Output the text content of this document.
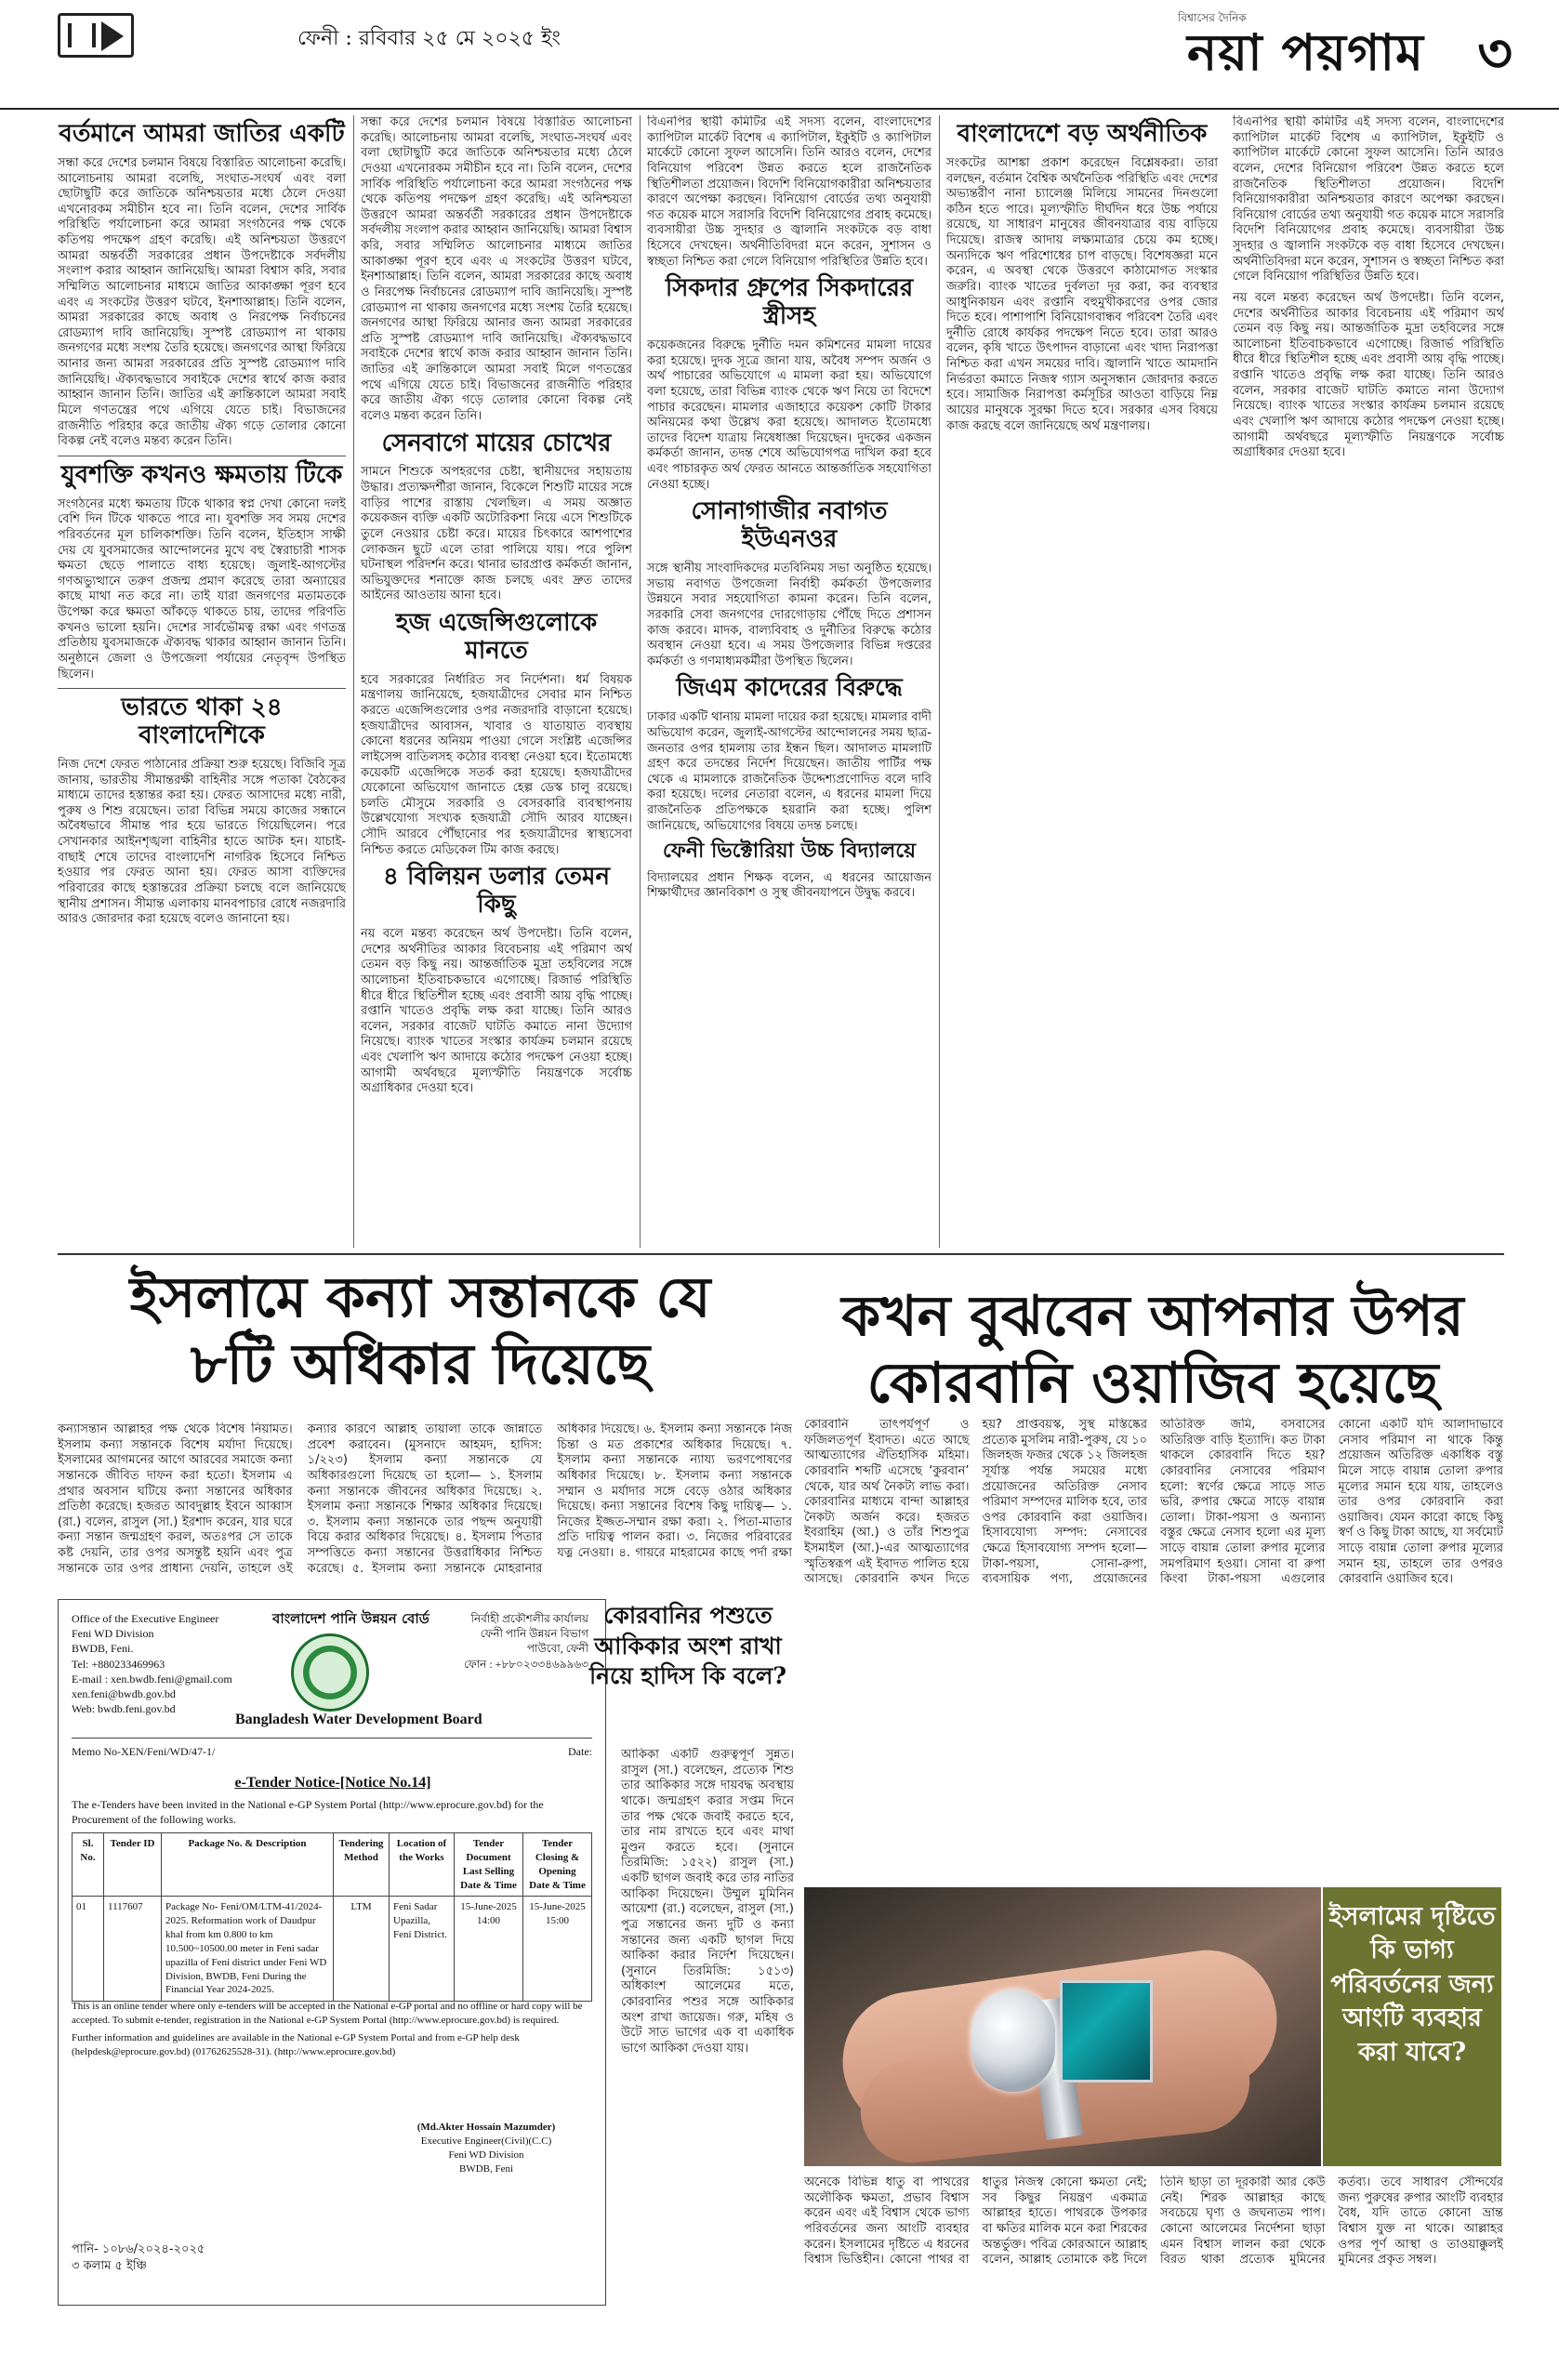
ফেনী : রবিবার ২৫ মে ২০২৫ ইং
বিশ্বাসের দৈনিক
নয়া পয়গাম ৩
বর্তমানে আমরা জাতির একটি

সন্ধা করে দেশের চলমান বিষয়ে বিস্তারিত আলোচনা করেছি। আলোচনায় আমরা বলেছি, সংঘাত-সংঘর্ষ এবং বলা ছোটাছুটি করে জাতিকে অনিশ্চয়তার মধ্যে ঠেলে দেওয়া এখনোরকম সমীচীন হবে না। তিনি বলেন, দেশের সার্বিক পরিস্থিতি পর্যালোচনা করে আমরা সংগঠনের পক্ষ থেকে কতিপয় পদক্ষেপ গ্রহণ করেছি। এই অনিশ্চয়তা উত্তরণে আমরা অন্তর্বর্তী সরকারের প্রধান উপদেষ্টাকে সর্বদলীয় সংলাপ করার আহ্বান জানিয়েছি। আমরা বিশ্বাস করি, সবার সম্মিলিত আলোচনার মাধ্যমে জাতির আকাঙ্ক্ষা পূরণ হবে এবং এ সংকটের উত্তরণ ঘটবে, ইনশাআল্লাহ। তিনি বলেন, আমরা সরকারের কাছে অবাধ ও নিরপেক্ষ নির্বাচনের রোডম্যাপ দাবি জানিয়েছি। সুস্পষ্ট রোডম্যাপ না থাকায় জনগণের মধ্যে সংশয় তৈরি হয়েছে। জনগণের আস্থা ফিরিয়ে আনার জন্য আমরা সরকারের প্রতি সুস্পষ্ট রোডম্যাপ দাবি জানিয়েছি। ঐক্যবদ্ধভাবে সবাইকে দেশের স্বার্থে কাজ করার আহ্বান জানান তিনি। জাতির এই ক্রান্তিকালে আমরা সবাই মিলে গণতন্ত্রের পথে এগিয়ে যেতে চাই। বিভাজনের রাজনীতি পরিহার করে জাতীয় ঐক্য গড়ে তোলার কোনো বিকল্প নেই বলেও মন্তব্য করেন তিনি।

যুবশক্তি কখনও ক্ষমতায় টিকে

সংগঠনের মধ্যে ক্ষমতায় টিকে থাকার স্বপ্ন দেখা কোনো দলই বেশি দিন টিকে থাকতে পারে না। যুবশক্তি সব সময় দেশের পরিবর্তনের মূল চালিকাশক্তি। তিনি বলেন, ইতিহাস সাক্ষী দেয় যে যুবসমাজের আন্দোলনের মুখে বহু স্বৈরাচারী শাসক ক্ষমতা ছেড়ে পালাতে বাধ্য হয়েছে। জুলাই-আগস্টের গণঅভ্যুত্থানে তরুণ প্রজন্ম প্রমাণ করেছে তারা অন্যায়ের কাছে মাথা নত করে না। তাই যারা জনগণের মতামতকে উপেক্ষা করে ক্ষমতা আঁকড়ে থাকতে চায়, তাদের পরিণতি কখনও ভালো হয়নি। দেশের সার্বভৌমত্ব রক্ষা এবং গণতন্ত্র প্রতিষ্ঠায় যুবসমাজকে ঐক্যবদ্ধ থাকার আহ্বান জানান তিনি। অনুষ্ঠানে জেলা ও উপজেলা পর্যায়ের নেতৃবৃন্দ উপস্থিত ছিলেন।

ভারতে থাকা ২৪ বাংলাদেশিকে

নিজ দেশে ফেরত পাঠানোর প্রক্রিয়া শুরু হয়েছে। বিজিবি সূত্র জানায়, ভারতীয় সীমান্তরক্ষী বাহিনীর সঙ্গে পতাকা বৈঠকের মাধ্যমে তাদের হস্তান্তর করা হয়। ফেরত আসাদের মধ্যে নারী, পুরুষ ও শিশু রয়েছেন। তারা বিভিন্ন সময়ে কাজের সন্ধানে অবৈধভাবে সীমান্ত পার হয়ে ভারতে গিয়েছিলেন। পরে সেখানকার আইনশৃঙ্খলা বাহিনীর হাতে আটক হন। যাচাই-বাছাই শেষে তাদের বাংলাদেশি নাগরিক হিসেবে নিশ্চিত হওয়ার পর ফেরত আনা হয়। ফেরত আসা ব্যক্তিদের পরিবারের কাছে হস্তান্তরের প্রক্রিয়া চলছে বলে জানিয়েছে স্থানীয় প্রশাসন। সীমান্ত এলাকায় মানবপাচার রোধে নজরদারি আরও জোরদার করা হয়েছে বলেও জানানো হয়।

সন্ধা করে দেশের চলমান বিষয়ে বিস্তারিত আলোচনা করেছি। আলোচনায় আমরা বলেছি, সংঘাত-সংঘর্ষ এবং বলা ছোটাছুটি করে জাতিকে অনিশ্চয়তার মধ্যে ঠেলে দেওয়া এখনোরকম সমীচীন হবে না। তিনি বলেন, দেশের সার্বিক পরিস্থিতি পর্যালোচনা করে আমরা সংগঠনের পক্ষ থেকে কতিপয় পদক্ষেপ গ্রহণ করেছি। এই অনিশ্চয়তা উত্তরণে আমরা অন্তর্বর্তী সরকারের প্রধান উপদেষ্টাকে সর্বদলীয় সংলাপ করার আহ্বান জানিয়েছি। আমরা বিশ্বাস করি, সবার সম্মিলিত আলোচনার মাধ্যমে জাতির আকাঙ্ক্ষা পূরণ হবে এবং এ সংকটের উত্তরণ ঘটবে, ইনশাআল্লাহ। তিনি বলেন, আমরা সরকারের কাছে অবাধ ও নিরপেক্ষ নির্বাচনের রোডম্যাপ দাবি জানিয়েছি। সুস্পষ্ট রোডম্যাপ না থাকায় জনগণের মধ্যে সংশয় তৈরি হয়েছে। জনগণের আস্থা ফিরিয়ে আনার জন্য আমরা সরকারের প্রতি সুস্পষ্ট রোডম্যাপ দাবি জানিয়েছি। ঐক্যবদ্ধভাবে সবাইকে দেশের স্বার্থে কাজ করার আহ্বান জানান তিনি। জাতির এই ক্রান্তিকালে আমরা সবাই মিলে গণতন্ত্রের পথে এগিয়ে যেতে চাই। বিভাজনের রাজনীতি পরিহার করে জাতীয় ঐক্য গড়ে তোলার কোনো বিকল্প নেই বলেও মন্তব্য করেন তিনি।

সেনবাগে মায়ের চোখের

সামনে শিশুকে অপহরণের চেষ্টা, স্থানীয়দের সহায়তায় উদ্ধার। প্রত্যক্ষদর্শীরা জানান, বিকেলে শিশুটি মায়ের সঙ্গে বাড়ির পাশের রাস্তায় খেলছিল। এ সময় অজ্ঞাত কয়েকজন ব্যক্তি একটি অটোরিকশা নিয়ে এসে শিশুটিকে তুলে নেওয়ার চেষ্টা করে। মায়ের চিৎকারে আশপাশের লোকজন ছুটে এলে তারা পালিয়ে যায়। পরে পুলিশ ঘটনাস্থল পরিদর্শন করে। থানার ভারপ্রাপ্ত কর্মকর্তা জানান, অভিযুক্তদের শনাক্তে কাজ চলছে এবং দ্রুত তাদের আইনের আওতায় আনা হবে।

হজ এজেন্সিগুলোকে মানতে

হবে সরকারের নির্ধারিত সব নির্দেশনা। ধর্ম বিষয়ক মন্ত্রণালয় জানিয়েছে, হজযাত্রীদের সেবার মান নিশ্চিত করতে এজেন্সিগুলোর ওপর নজরদারি বাড়ানো হয়েছে। হজযাত্রীদের আবাসন, খাবার ও যাতায়াত ব্যবস্থায় কোনো ধরনের অনিয়ম পাওয়া গেলে সংশ্লিষ্ট এজেন্সির লাইসেন্স বাতিলসহ কঠোর ব্যবস্থা নেওয়া হবে। ইতোমধ্যে কয়েকটি এজেন্সিকে সতর্ক করা হয়েছে। হজযাত্রীদের যেকোনো অভিযোগ জানাতে হেল্প ডেস্ক চালু রয়েছে। চলতি মৌসুমে সরকারি ও বেসরকারি ব্যবস্থাপনায় উল্লেখযোগ্য সংখ্যক হজযাত্রী সৌদি আরব যাচ্ছেন। সৌদি আরবে পৌঁছানোর পর হজযাত্রীদের স্বাস্থ্যসেবা নিশ্চিত করতে মেডিকেল টিম কাজ করছে।

৪ বিলিয়ন ডলার তেমন কিছু

নয় বলে মন্তব্য করেছেন অর্থ উপদেষ্টা। তিনি বলেন, দেশের অর্থনীতির আকার বিবেচনায় এই পরিমাণ অর্থ তেমন বড় কিছু নয়। আন্তর্জাতিক মুদ্রা তহবিলের সঙ্গে আলোচনা ইতিবাচকভাবে এগোচ্ছে। রিজার্ভ পরিস্থিতি ধীরে ধীরে স্থিতিশীল হচ্ছে এবং প্রবাসী আয় বৃদ্ধি পাচ্ছে। রপ্তানি খাতেও প্রবৃদ্ধি লক্ষ করা যাচ্ছে। তিনি আরও বলেন, সরকার বাজেট ঘাটতি কমাতে নানা উদ্যোগ নিয়েছে। ব্যাংক খাতের সংস্কার কার্যক্রম চলমান রয়েছে এবং খেলাপি ঋণ আদায়ে কঠোর পদক্ষেপ নেওয়া হচ্ছে। আগামী অর্থবছরে মূল্যস্ফীতি নিয়ন্ত্রণকে সর্বোচ্চ অগ্রাধিকার দেওয়া হবে।

বিএনপির স্থায়ী কমিটির এই সদস্য বলেন, বাংলাদেশের ক্যাপিটাল মার্কেট বিশেষ এ ক্যাপিটাল, ইকুইটি ও ক্যাপিটাল মার্কেটে কোনো সুফল আসেনি। তিনি আরও বলেন, দেশের বিনিয়োগ পরিবেশ উন্নত করতে হলে রাজনৈতিক স্থিতিশীলতা প্রয়োজন। বিদেশি বিনিয়োগকারীরা অনিশ্চয়তার কারণে অপেক্ষা করছেন। বিনিয়োগ বোর্ডের তথ্য অনুযায়ী গত কয়েক মাসে সরাসরি বিদেশি বিনিয়োগের প্রবাহ কমেছে। ব্যবসায়ীরা উচ্চ সুদহার ও জ্বালানি সংকটকে বড় বাধা হিসেবে দেখছেন। অর্থনীতিবিদরা মনে করেন, সুশাসন ও স্বচ্ছতা নিশ্চিত করা গেলে বিনিয়োগ পরিস্থিতির উন্নতি হবে।

সিকদার গ্রুপের সিকদারের স্ত্রীসহ

কয়েকজনের বিরুদ্ধে দুর্নীতি দমন কমিশনের মামলা দায়ের করা হয়েছে। দুদক সূত্রে জানা যায়, অবৈধ সম্পদ অর্জন ও অর্থ পাচারের অভিযোগে এ মামলা করা হয়। অভিযোগে বলা হয়েছে, তারা বিভিন্ন ব্যাংক থেকে ঋণ নিয়ে তা বিদেশে পাচার করেছেন। মামলার এজাহারে কয়েকশ কোটি টাকার অনিয়মের কথা উল্লেখ করা হয়েছে। আদালত ইতোমধ্যে তাদের বিদেশ যাত্রায় নিষেধাজ্ঞা দিয়েছেন। দুদকের একজন কর্মকর্তা জানান, তদন্ত শেষে অভিযোগপত্র দাখিল করা হবে এবং পাচারকৃত অর্থ ফেরত আনতে আন্তর্জাতিক সহযোগিতা নেওয়া হচ্ছে।

সোনাগাজীর নবাগত ইউএনওর

সঙ্গে স্থানীয় সাংবাদিকদের মতবিনিময় সভা অনুষ্ঠিত হয়েছে। সভায় নবাগত উপজেলা নির্বাহী কর্মকর্তা উপজেলার উন্নয়নে সবার সহযোগিতা কামনা করেন। তিনি বলেন, সরকারি সেবা জনগণের দোরগোড়ায় পৌঁছে দিতে প্রশাসন কাজ করবে। মাদক, বাল্যবিবাহ ও দুর্নীতির বিরুদ্ধে কঠোর অবস্থান নেওয়া হবে। এ সময় উপজেলার বিভিন্ন দপ্তরের কর্মকর্তা ও গণমাধ্যমকর্মীরা উপস্থিত ছিলেন।

জিএম কাদেরের বিরুদ্ধে

ঢাকার একটি থানায় মামলা দায়ের করা হয়েছে। মামলার বাদী অভিযোগ করেন, জুলাই-আগস্টের আন্দোলনের সময় ছাত্র-জনতার ওপর হামলায় তার ইন্ধন ছিল। আদালত মামলাটি গ্রহণ করে তদন্তের নির্দেশ দিয়েছেন। জাতীয় পার্টির পক্ষ থেকে এ মামলাকে রাজনৈতিক উদ্দেশ্যপ্রণোদিত বলে দাবি করা হয়েছে। দলের নেতারা বলেন, এ ধরনের মামলা দিয়ে রাজনৈতিক প্রতিপক্ষকে হয়রানি করা হচ্ছে। পুলিশ জানিয়েছে, অভিযোগের বিষয়ে তদন্ত চলছে।

ফেনী ভিক্টোরিয়া উচ্চ বিদ্যালয়ে

বিদ্যালয়ের প্রধান শিক্ষক বলেন, এ ধরনের আয়োজন শিক্ষার্থীদের জ্ঞানবিকাশ ও সুস্থ জীবনযাপনে উদ্বুদ্ধ করবে।

বাংলাদেশে বড় অর্থনীতিক

সংকটের আশঙ্কা প্রকাশ করেছেন বিশ্লেষকরা। তারা বলছেন, বর্তমান বৈশ্বিক অর্থনৈতিক পরিস্থিতি এবং দেশের অভ্যন্তরীণ নানা চ্যালেঞ্জ মিলিয়ে সামনের দিনগুলো কঠিন হতে পারে। মূল্যস্ফীতি দীর্ঘদিন ধরে উচ্চ পর্যায়ে রয়েছে, যা সাধারণ মানুষের জীবনযাত্রার ব্যয় বাড়িয়ে দিয়েছে। রাজস্ব আদায় লক্ষ্যমাত্রার চেয়ে কম হচ্ছে। অন্যদিকে ঋণ পরিশোধের চাপ বাড়ছে। বিশেষজ্ঞরা মনে করেন, এ অবস্থা থেকে উত্তরণে কাঠামোগত সংস্কার জরুরি। ব্যাংক খাতের দুর্বলতা দূর করা, কর ব্যবস্থার আধুনিকায়ন এবং রপ্তানি বহুমুখীকরণের ওপর জোর দিতে হবে। পাশাপাশি বিনিয়োগবান্ধব পরিবেশ তৈরি এবং দুর্নীতি রোধে কার্যকর পদক্ষেপ নিতে হবে। তারা আরও বলেন, কৃষি খাতে উৎপাদন বাড়ানো এবং খাদ্য নিরাপত্তা নিশ্চিত করা এখন সময়ের দাবি। জ্বালানি খাতে আমদানি নির্ভরতা কমাতে নিজস্ব গ্যাস অনুসন্ধান জোরদার করতে হবে। সামাজিক নিরাপত্তা কর্মসূচির আওতা বাড়িয়ে নিম্ন আয়ের মানুষকে সুরক্ষা দিতে হবে। সরকার এসব বিষয়ে কাজ করছে বলে জানিয়েছে অর্থ মন্ত্রণালয়।

বিএনপির স্থায়ী কমিটির এই সদস্য বলেন, বাংলাদেশের ক্যাপিটাল মার্কেট বিশেষ এ ক্যাপিটাল, ইকুইটি ও ক্যাপিটাল মার্কেটে কোনো সুফল আসেনি। তিনি আরও বলেন, দেশের বিনিয়োগ পরিবেশ উন্নত করতে হলে রাজনৈতিক স্থিতিশীলতা প্রয়োজন। বিদেশি বিনিয়োগকারীরা অনিশ্চয়তার কারণে অপেক্ষা করছেন। বিনিয়োগ বোর্ডের তথ্য অনুযায়ী গত কয়েক মাসে সরাসরি বিদেশি বিনিয়োগের প্রবাহ কমেছে। ব্যবসায়ীরা উচ্চ সুদহার ও জ্বালানি সংকটকে বড় বাধা হিসেবে দেখছেন। অর্থনীতিবিদরা মনে করেন, সুশাসন ও স্বচ্ছতা নিশ্চিত করা গেলে বিনিয়োগ পরিস্থিতির উন্নতি হবে।

নয় বলে মন্তব্য করেছেন অর্থ উপদেষ্টা। তিনি বলেন, দেশের অর্থনীতির আকার বিবেচনায় এই পরিমাণ অর্থ তেমন বড় কিছু নয়। আন্তর্জাতিক মুদ্রা তহবিলের সঙ্গে আলোচনা ইতিবাচকভাবে এগোচ্ছে। রিজার্ভ পরিস্থিতি ধীরে ধীরে স্থিতিশীল হচ্ছে এবং প্রবাসী আয় বৃদ্ধি পাচ্ছে। রপ্তানি খাতেও প্রবৃদ্ধি লক্ষ করা যাচ্ছে। তিনি আরও বলেন, সরকার বাজেট ঘাটতি কমাতে নানা উদ্যোগ নিয়েছে। ব্যাংক খাতের সংস্কার কার্যক্রম চলমান রয়েছে এবং খেলাপি ঋণ আদায়ে কঠোর পদক্ষেপ নেওয়া হচ্ছে। আগামী অর্থবছরে মূল্যস্ফীতি নিয়ন্ত্রণকে সর্বোচ্চ অগ্রাধিকার দেওয়া হবে।

ইসলামে কন্যা সন্তানকে যে
৮টি অধিকার দিয়েছে
কখন বুঝবেন আপনার উপর
কোরবানি ওয়াজিব হয়েছে

কন্যাসন্তান আল্লাহর পক্ষ থেকে বিশেষ নিয়ামত। ইসলাম কন্যা সন্তানকে বিশেষ মর্যাদা দিয়েছে। ইসলামের আগমনের আগে আরবের সমাজে কন্যা সন্তানকে জীবিত দাফন করা হতো। ইসলাম এ প্রথার অবসান ঘটিয়ে কন্যা সন্তানের অধিকার প্রতিষ্ঠা করেছে। হজরত আবদুল্লাহ ইবনে আব্বাস (রা.) বলেন, রাসুল (সা.) ইরশাদ করেন, যার ঘরে কন্যা সন্তান জন্মগ্রহণ করল, অতঃপর সে তাকে কষ্ট দেয়নি, তার ওপর অসন্তুষ্ট হয়নি এবং পুত্র সন্তানকে তার ওপর প্রাধান্য দেয়নি, তাহলে ওই কন্যার কারণে আল্লাহ তায়ালা তাকে জান্নাতে প্রবেশ করাবেন। (মুসনাদে আহমদ, হাদিস: ১/২২৩) ইসলাম কন্যা সন্তানকে যে অধিকারগুলো দিয়েছে তা হলো— ১. ইসলাম কন্যা সন্তানকে জীবনের অধিকার দিয়েছে। ২. ইসলাম কন্যা সন্তানকে শিক্ষার অধিকার দিয়েছে। ৩. ইসলাম কন্যা সন্তানকে তার পছন্দ অনুযায়ী বিয়ে করার অধিকার দিয়েছে। ৪. ইসলাম পিতার সম্পত্তিতে কন্যা সন্তানের উত্তরাধিকার নিশ্চিত করেছে। ৫. ইসলাম কন্যা সন্তানকে মোহরানার অধিকার দিয়েছে। ৬. ইসলাম কন্যা সন্তানকে নিজ চিন্তা ও মত প্রকাশের অধিকার দিয়েছে। ৭. ইসলাম কন্যা সন্তানকে ন্যায্য ভরণপোষণের অধিকার দিয়েছে। ৮. ইসলাম কন্যা সন্তানকে সম্মান ও মর্যাদার সঙ্গে বেড়ে ওঠার অধিকার দিয়েছে। কন্যা সন্তানের বিশেষ কিছু দায়িত্ব— ১. নিজের ইজ্জত-সম্মান রক্ষা করা। ২. পিতা-মাতার প্রতি দায়িত্ব পালন করা। ৩. নিজের পরিবারের যত্ন নেওয়া। ৪. গায়রে মাহরামের কাছে পর্দা রক্ষা

Office of the Executive Engineer
Feni WD Division
BWDB, Feni.
Tel: +880233469963
E-mail : xen.bwdb.feni@gmail.com
xen.feni@bwdb.gov.bd
Web: bwdb.feni.gov.bd
বাংলাদেশ পানি উন্নয়ন বোর্ড	নির্বাহী প্রকৌশলীর কার্যালয়
ফেনী পানি উন্নয়ন বিভাগ
পাউবো, ফেনী
ফোন : +৮৮০২৩৩৪৬৯৯৬৩
Bangladesh Water Development Board
Memo No-XEN/Feni/WD/47-1/	Date:
e-Tender Notice-[Notice No.14]
The e-Tenders have been invited in the National e-GP System Portal (http://www.eprocure.gov.bd) for the Procurement of the following works.
Sl. No.	Tender ID	Package No. & Description	Tendering Method	Location of the Works	Tender Document Last Selling Date & Time	Tender Closing & Opening Date & Time
01	1117607	Package No- Feni/OM/LTM-41/2024-2025. Reformation work of Daudpur khal from km 0.800 to km 10.500~10500.00 meter in Feni sadar upazilla of Feni district under Feni WD Division, BWDB, Feni During the Financial Year 2024-2025.	LTM	Feni Sadar Upazilla, Feni District.	15-June-2025 14:00	15-June-2025 15:00

This is an online tender where only e-tenders will be accepted in the National e-GP portal and no offline or hard copy will be accepted. To submit e-tender, registration in the National e-GP System Portal (http://www.eprocure.gov.bd) is required.

Further information and guidelines are available in the National e-GP System Portal and from e-GP help desk (helpdesk@eprocure.gov.bd) (01762625528-31). (http://www.eprocure.gov.bd)

(Md.Akter Hossain Mazumder)
Executive Engineer(Civil)(C.C)
Feni WD Division
BWDB, Feni
পানি- ১০৮৬/২০২৪-২০২৫
৩ কলাম ৫ ইঞ্চি
কোরবানির পশুতে আকিকার অংশ রাখা নিয়ে হাদিস কি বলে?

আকিকা একটি গুরুত্বপূর্ণ সুন্নত। রাসুল (সা.) বলেছেন, প্রত্যেক শিশু তার আকিকার সঙ্গে দায়বদ্ধ অবস্থায় থাকে। জন্মগ্রহণ করার সপ্তম দিনে তার পক্ষ থেকে জবাই করতে হবে, তার নাম রাখতে হবে এবং মাথা মুণ্ডন করতে হবে। (সুনানে তিরমিজি: ১৫২২) রাসুল (সা.) একটি ছাগল জবাই করে তার নাতির আকিকা দিয়েছেন। উম্মুল মুমিনিন আয়েশা (রা.) বলেছেন, রাসুল (সা.) পুত্র সন্তানের জন্য দুটি ও কন্যা সন্তানের জন্য একটি ছাগল দিয়ে আকিকা করার নির্দেশ দিয়েছেন। (সুনানে তিরমিজি: ১৫১৩) অধিকাংশ আলেমের মতে, কোরবানির পশুর সঙ্গে আকিকার অংশ রাখা জায়েজ। গরু, মহিষ ও উটে সাত ভাগের এক বা একাধিক ভাগে আকিকা দেওয়া যায়।

কোরবানি তাৎপর্যপূর্ণ ও ফজিলতপূর্ণ ইবাদত। এতে আছে আত্মত্যাগের ঐতিহাসিক মহিমা। কোরবানি শব্দটি এসেছে ‘কুরবান’ থেকে, যার অর্থ নৈকট্য লাভ করা। কোরবানির মাধ্যমে বান্দা আল্লাহর নৈকট্য অর্জন করে। হজরত ইবরাহিম (আ.) ও তাঁর শিশুপুত্র ইসমাইল (আ.)-এর আত্মত্যাগের স্মৃতিস্বরূপ এই ইবাদত পালিত হয়ে আসছে। কোরবানি কখন দিতে হয়? প্রাপ্তবয়স্ক, সুস্থ মস্তিষ্কের প্রত্যেক মুসলিম নারী-পুরুষ, যে ১০ জিলহজ ফজর থেকে ১২ জিলহজ সূর্যাস্ত পর্যন্ত সময়ের মধ্যে প্রয়োজনের অতিরিক্ত নেসাব পরিমাণ সম্পদের মালিক হবে, তার ওপর কোরবানি করা ওয়াজিব। হিসাবযোগ্য সম্পদ: নেসাবের ক্ষেত্রে হিসাবযোগ্য সম্পদ হলো—টাকা-পয়সা, সোনা-রুপা, ব্যবসায়িক পণ্য, প্রয়োজনের অতিরিক্ত জমি, বসবাসের অতিরিক্ত বাড়ি ইত্যাদি। কত টাকা থাকলে কোরবানি দিতে হয়? কোরবানির নেসাবের পরিমাণ হলো: স্বর্ণের ক্ষেত্রে সাড়ে সাত ভরি, রুপার ক্ষেত্রে সাড়ে বায়ান্ন তোলা। টাকা-পয়সা ও অন্যান্য বস্তুর ক্ষেত্রে নেসাব হলো এর মূল্য সাড়ে বায়ান্ন তোলা রুপার মূল্যের সমপরিমাণ হওয়া। সোনা বা রুপা কিংবা টাকা-পয়সা এগুলোর কোনো একটি যদি আলাদাভাবে নেসাব পরিমাণ না থাকে কিন্তু প্রয়োজন অতিরিক্ত একাধিক বস্তু মিলে সাড়ে বায়ান্ন তোলা রুপার মূল্যের সমান হয়ে যায়, তাহলেও তার ওপর কোরবানি করা ওয়াজিব। যেমন কারো কাছে কিছু স্বর্ণ ও কিছু টাকা আছে, যা সর্বমোট সাড়ে বায়ান্ন তোলা রুপার মূল্যের সমান হয়, তাহলে তার ওপরও কোরবানি ওয়াজিব হবে।

ইসলামের দৃষ্টিতে কি ভাগ্য পরিবর্তনের জন্য আংটি ব্যবহার করা যাবে?

অনেকে বিভিন্ন ধাতু বা পাথরের অলৌকিক ক্ষমতা, প্রভাব বিশ্বাস করেন এবং এই বিশ্বাস থেকে ভাগ্য পরিবর্তনের জন্য আংটি ব্যবহার করেন। ইসলামের দৃষ্টিতে এ ধরনের বিশ্বাস ভিত্তিহীন। কোনো পাথর বা ধাতুর নিজস্ব কোনো ক্ষমতা নেই; সব কিছুর নিয়ন্ত্রণ একমাত্র আল্লাহর হাতে। পাথরকে উপকার বা ক্ষতির মালিক মনে করা শিরকের অন্তর্ভুক্ত। পবিত্র কোরআনে আল্লাহ বলেন, আল্লাহ তোমাকে কষ্ট দিলে তিনি ছাড়া তা দূরকারী আর কেউ নেই। শিরক আল্লাহর কাছে সবচেয়ে ঘৃণ্য ও জঘন্যতম পাপ। কোনো আলেমের নির্দেশনা ছাড়া এমন বিশ্বাস লালন করা থেকে বিরত থাকা প্রত্যেক মুমিনের কর্তব্য। তবে সাধারণ সৌন্দর্যের জন্য পুরুষের রুপার আংটি ব্যবহার বৈধ, যদি তাতে কোনো ভ্রান্ত বিশ্বাস যুক্ত না থাকে। আল্লাহর ওপর পূর্ণ আস্থা ও তাওয়াক্কুলই মুমিনের প্রকৃত সম্বল।
